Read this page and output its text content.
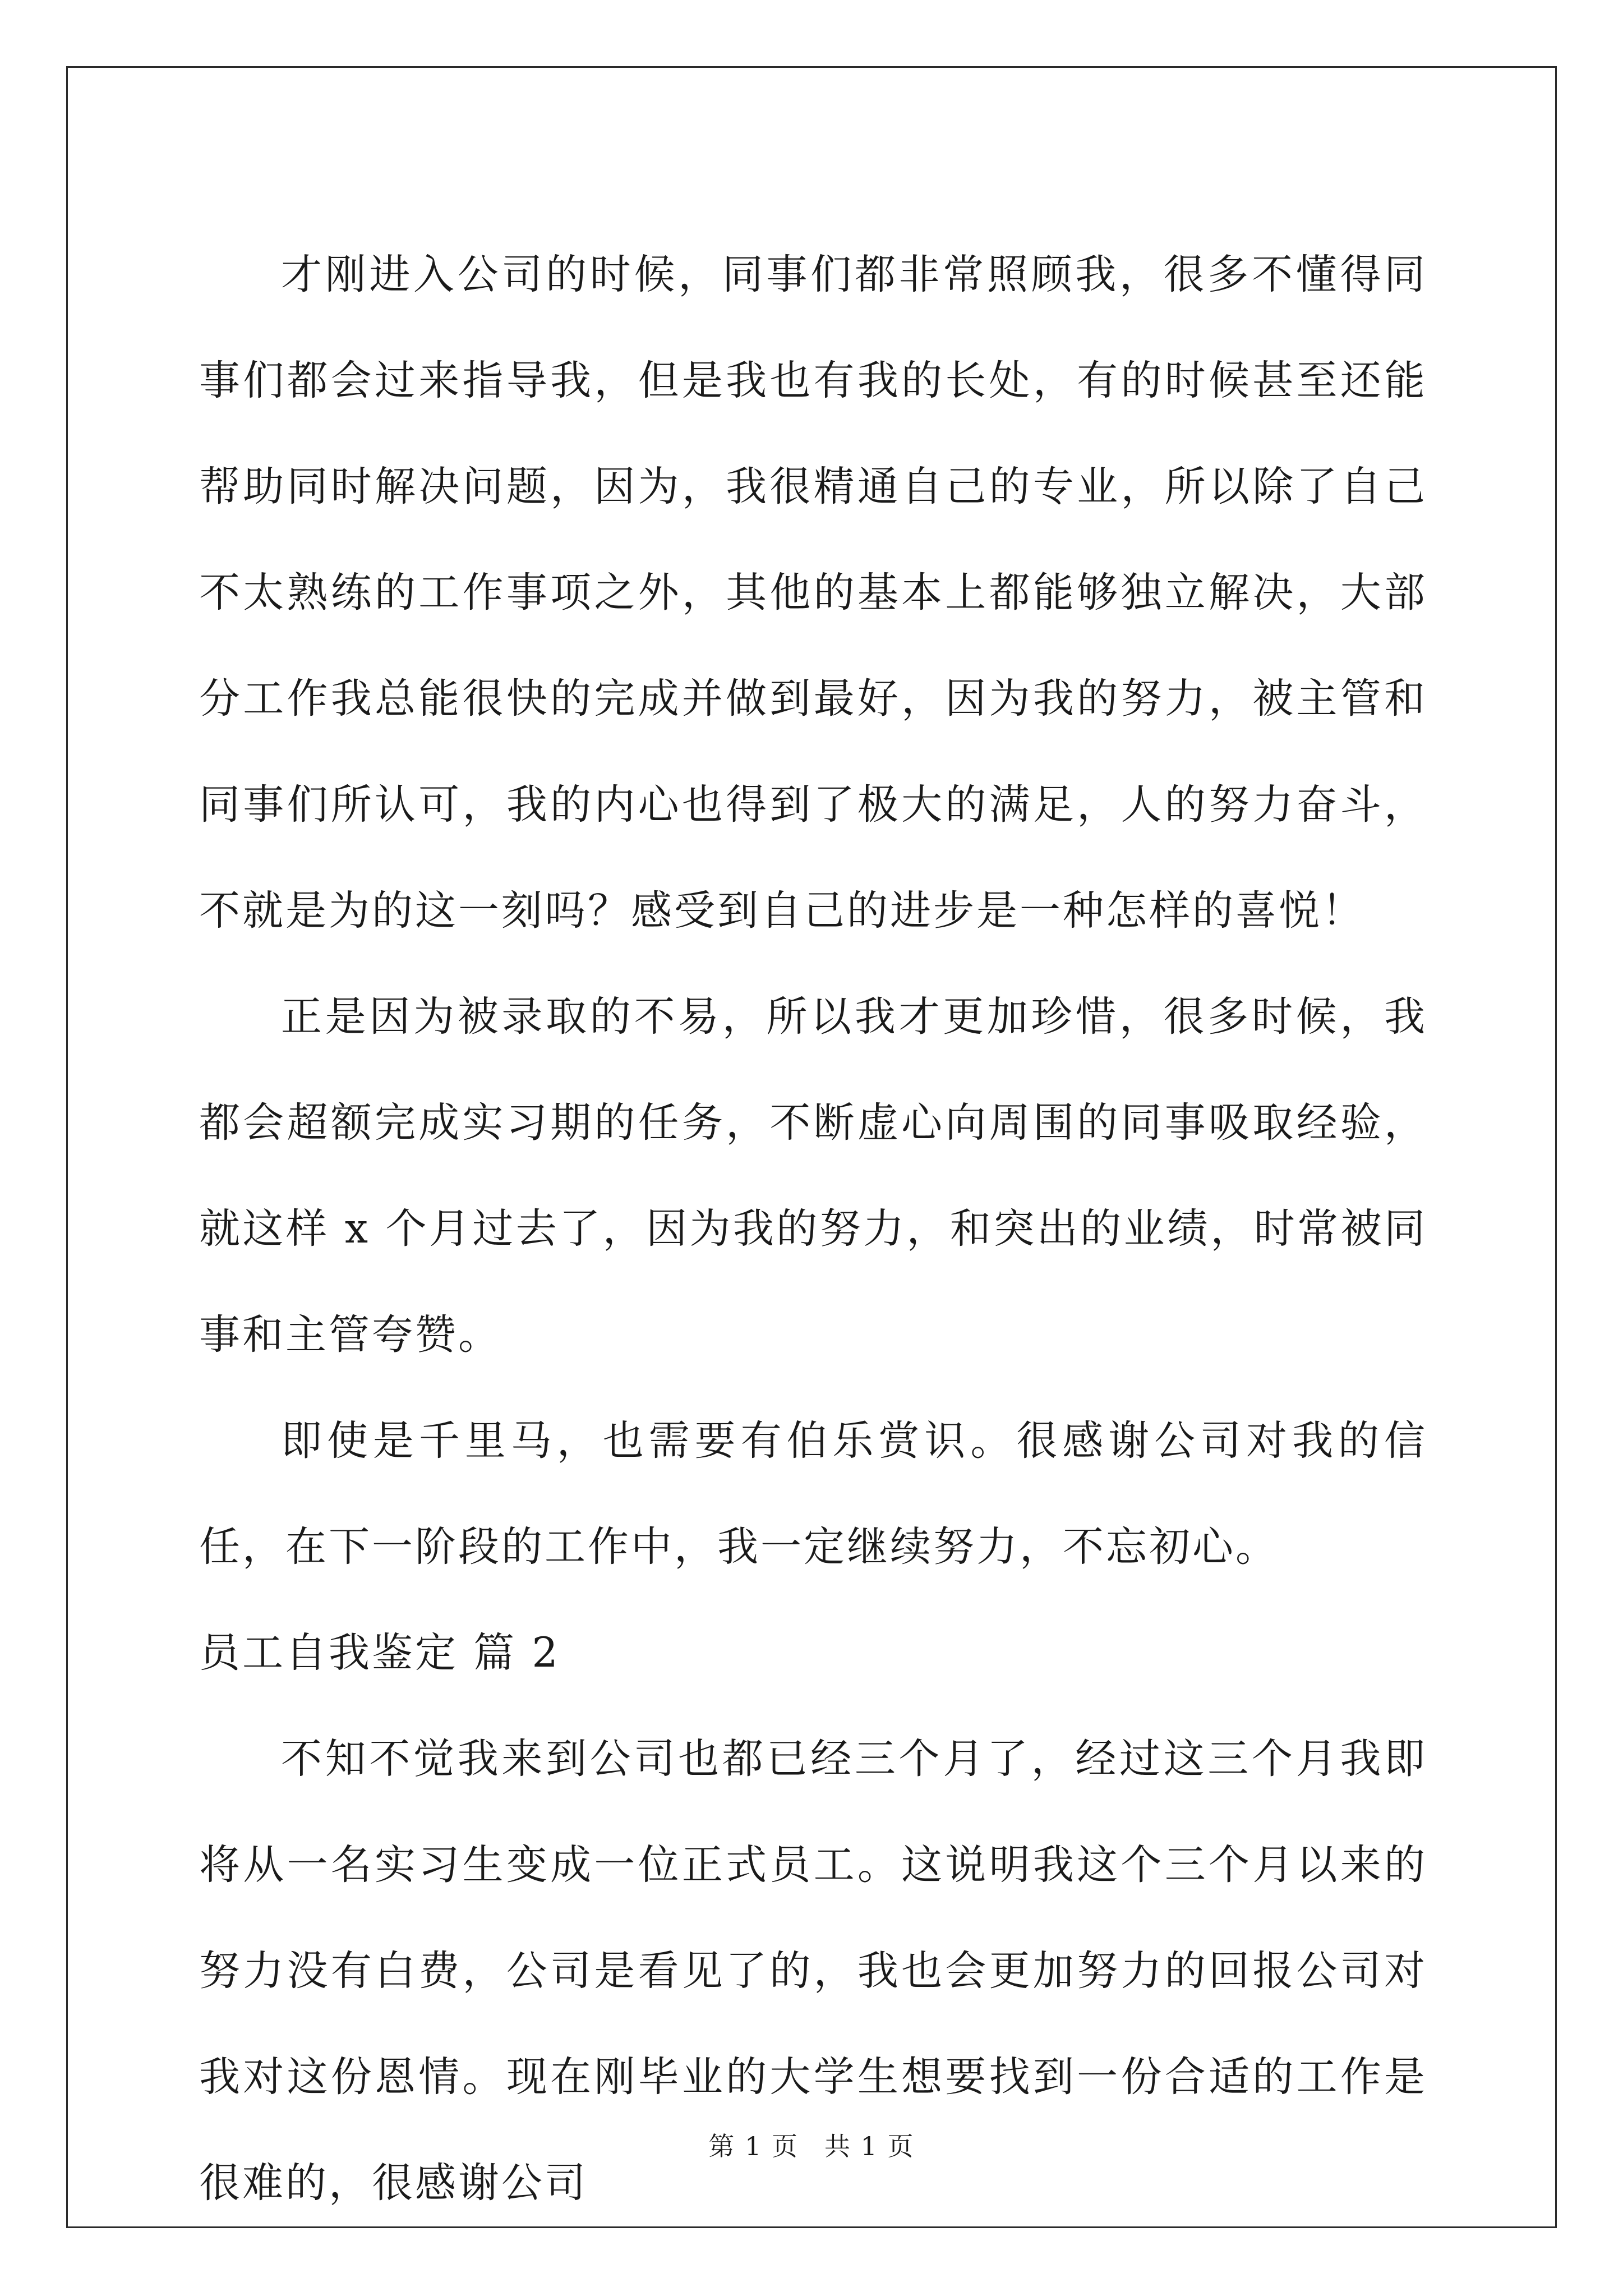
才刚进入公司的时候，同事们都非常照顾我，很多不懂得同事们都会过来指导我，但是我也有我的长处，有的时候甚至还能帮助同时解决问题，因为，我很精通自己的专业，所以除了自己不太熟练的工作事项之外，其他的基本上都能够独立解决，大部分工作我总能很快的完成并做到最好，因为我的努力，被主管和同事们所认可，我的内心也得到了极大的满足，人的努力奋斗，不就是为的这一刻吗？感受到自己的进步是一种怎样的喜悦！

正是因为被录取的不易，所以我才更加珍惜，很多时候，我都会超额完成实习期的任务，不断虚心向周围的同事吸取经验，就这样 x 个月过去了，因为我的努力，和突出的业绩，时常被同事和主管夸赞。

即使是千里马，也需要有伯乐赏识。很感谢公司对我的信任，在下一阶段的工作中，我一定继续努力，不忘初心。

员工自我鉴定 篇 2

不知不觉我来到公司也都已经三个月了，经过这三个月我即将从一名实习生变成一位正式员工。这说明我这个三个月以来的努力没有白费，公司是看见了的，我也会更加努力的回报公司对我对这份恩情。现在刚毕业的大学生想要找到一份合适的工作是很难的，很感谢公司

第 1 页 共 1 页
